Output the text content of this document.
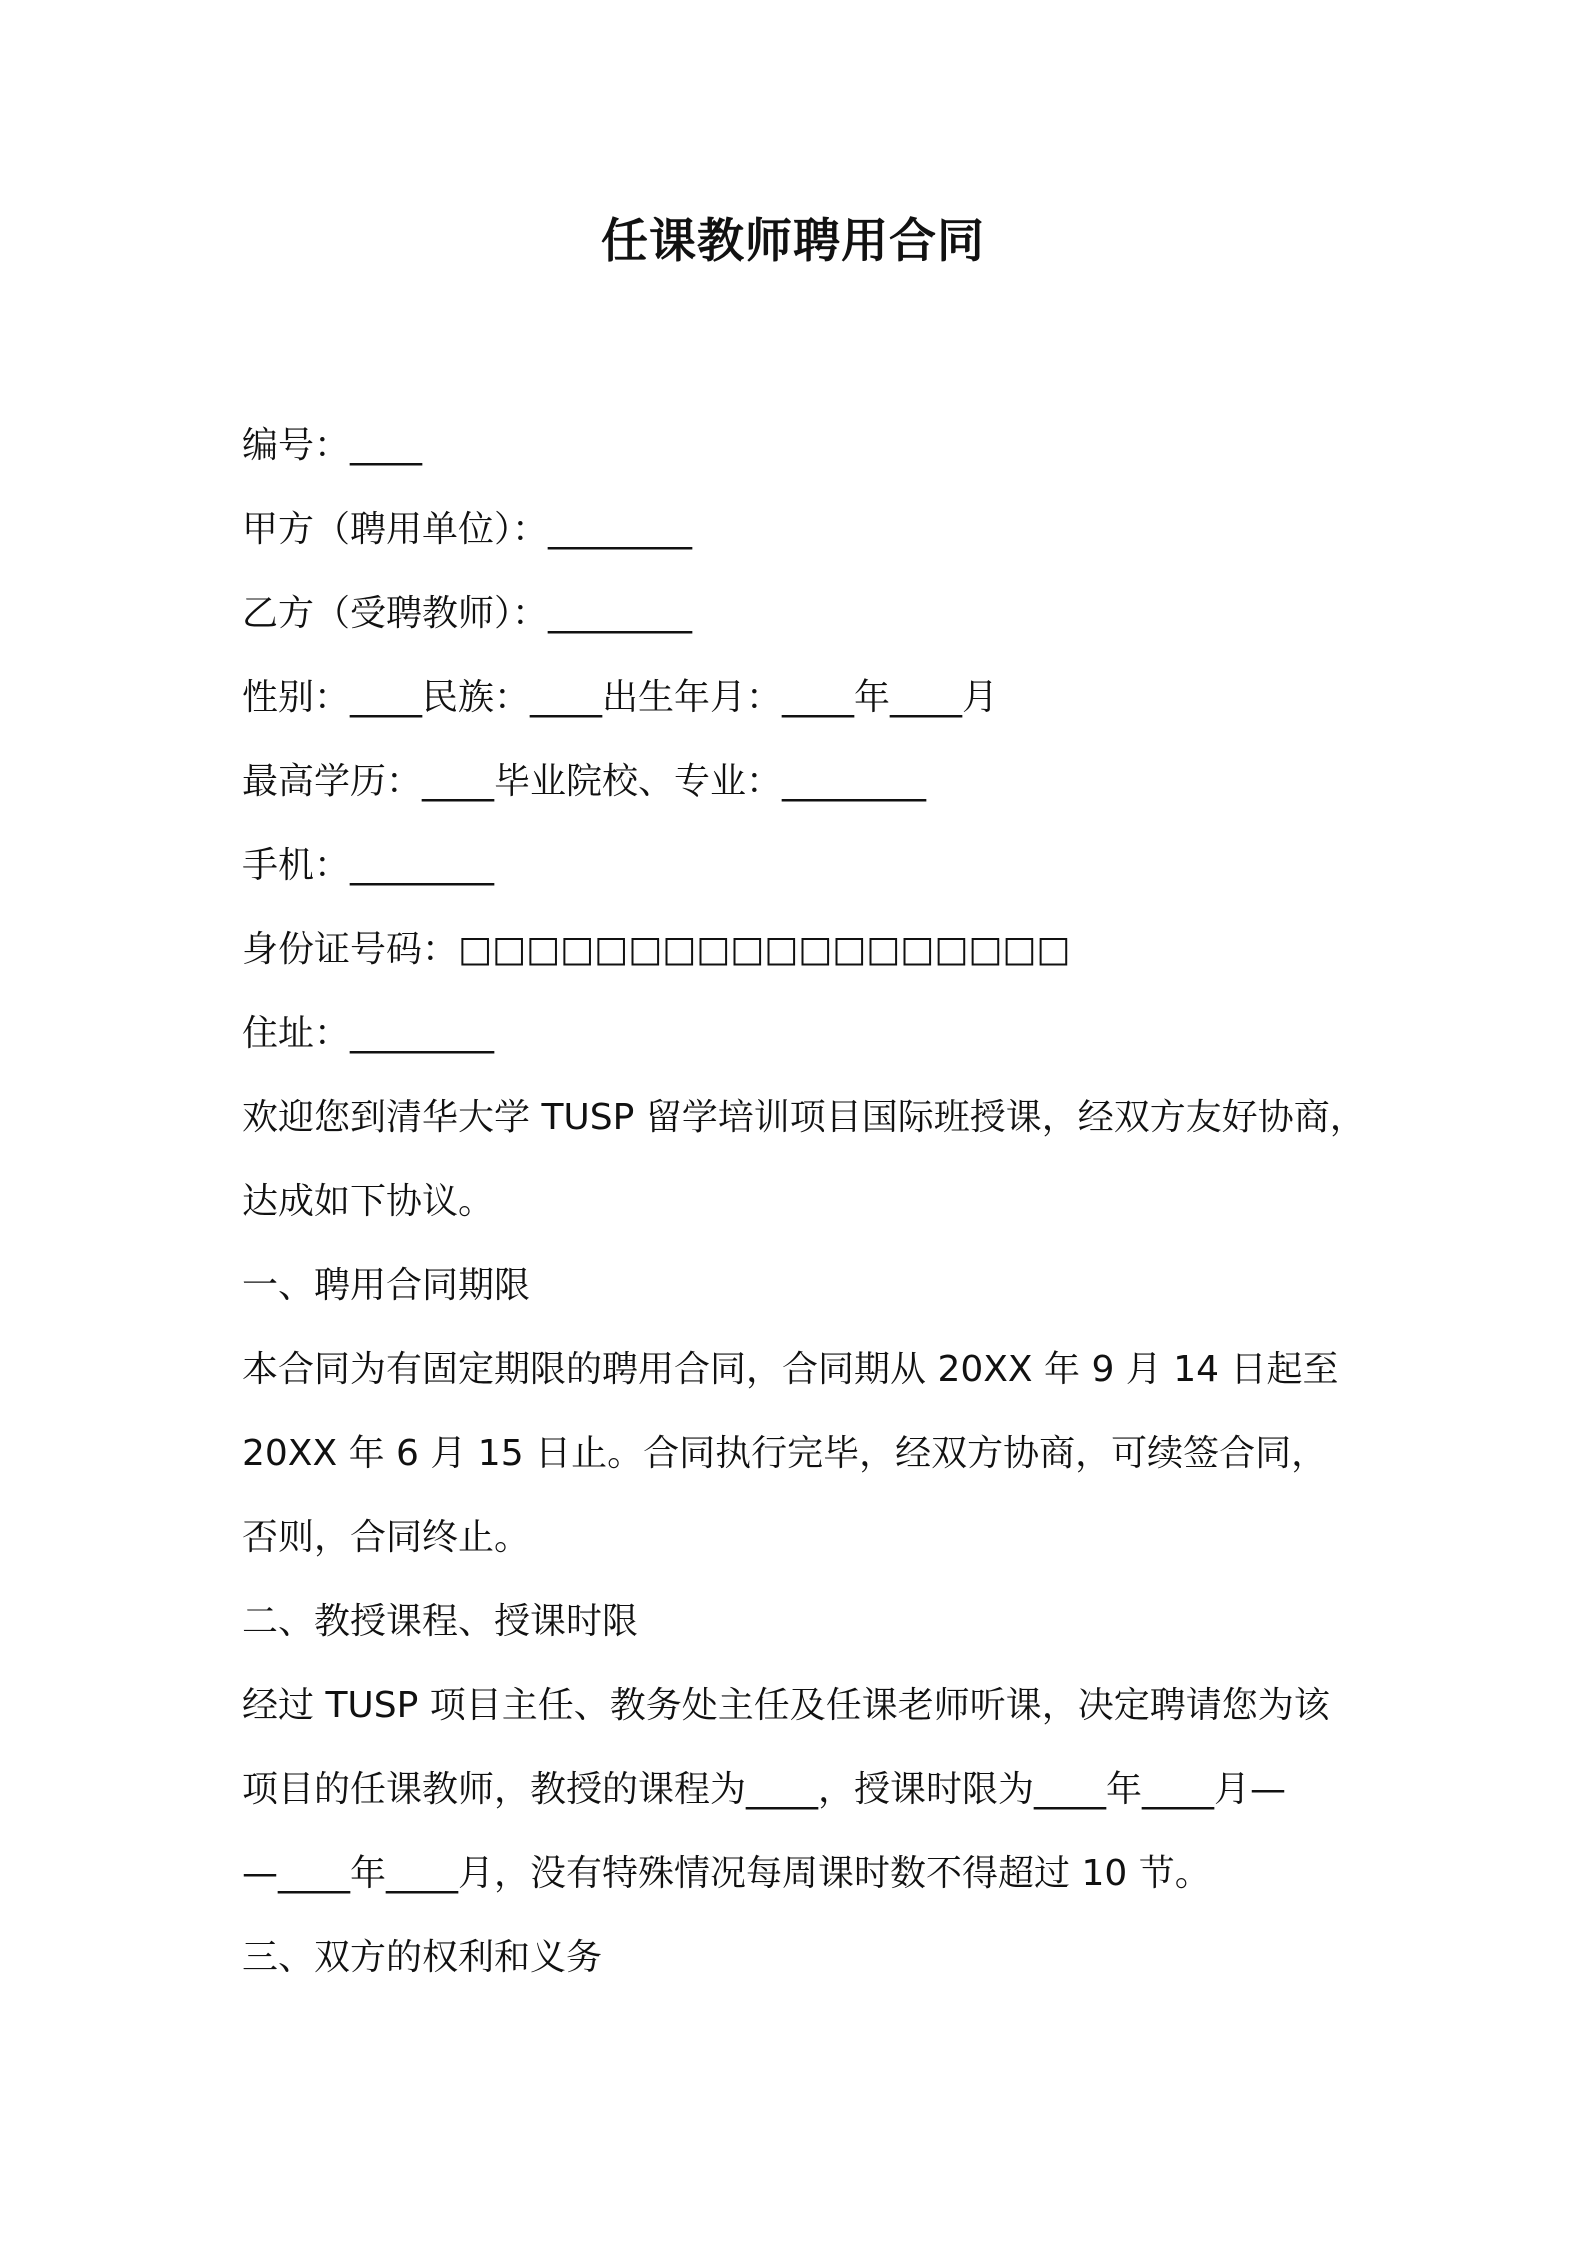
任课教师聘用合同
编号：____
甲方（聘用单位）：________
乙方（受聘教师）：________
性别：____民族：____出生年月：____年____月
最高学历：____毕业院校、专业：________
手机：________
身份证号码：□□□□□□□□□□□□□□□□□□
住址：________
欢迎您到清华大学 TUSP 留学培训项目国际班授课，经双方友好协商，
达成如下协议。
一、聘用合同期限
本合同为有固定期限的聘用合同，合同期从 20XX 年 9 月 14 日起至
20XX 年 6 月 15 日止。合同执行完毕，经双方协商，可续签合同，
否则，合同终止。
二、教授课程、授课时限
经过 TUSP 项目主任、教务处主任及任课老师听课，决定聘请您为该
项目的任课教师，教授的课程为____，授课时限为____年____月—
—____年____月，没有特殊情况每周课时数不得超过 10 节。
三、双方的权利和义务
